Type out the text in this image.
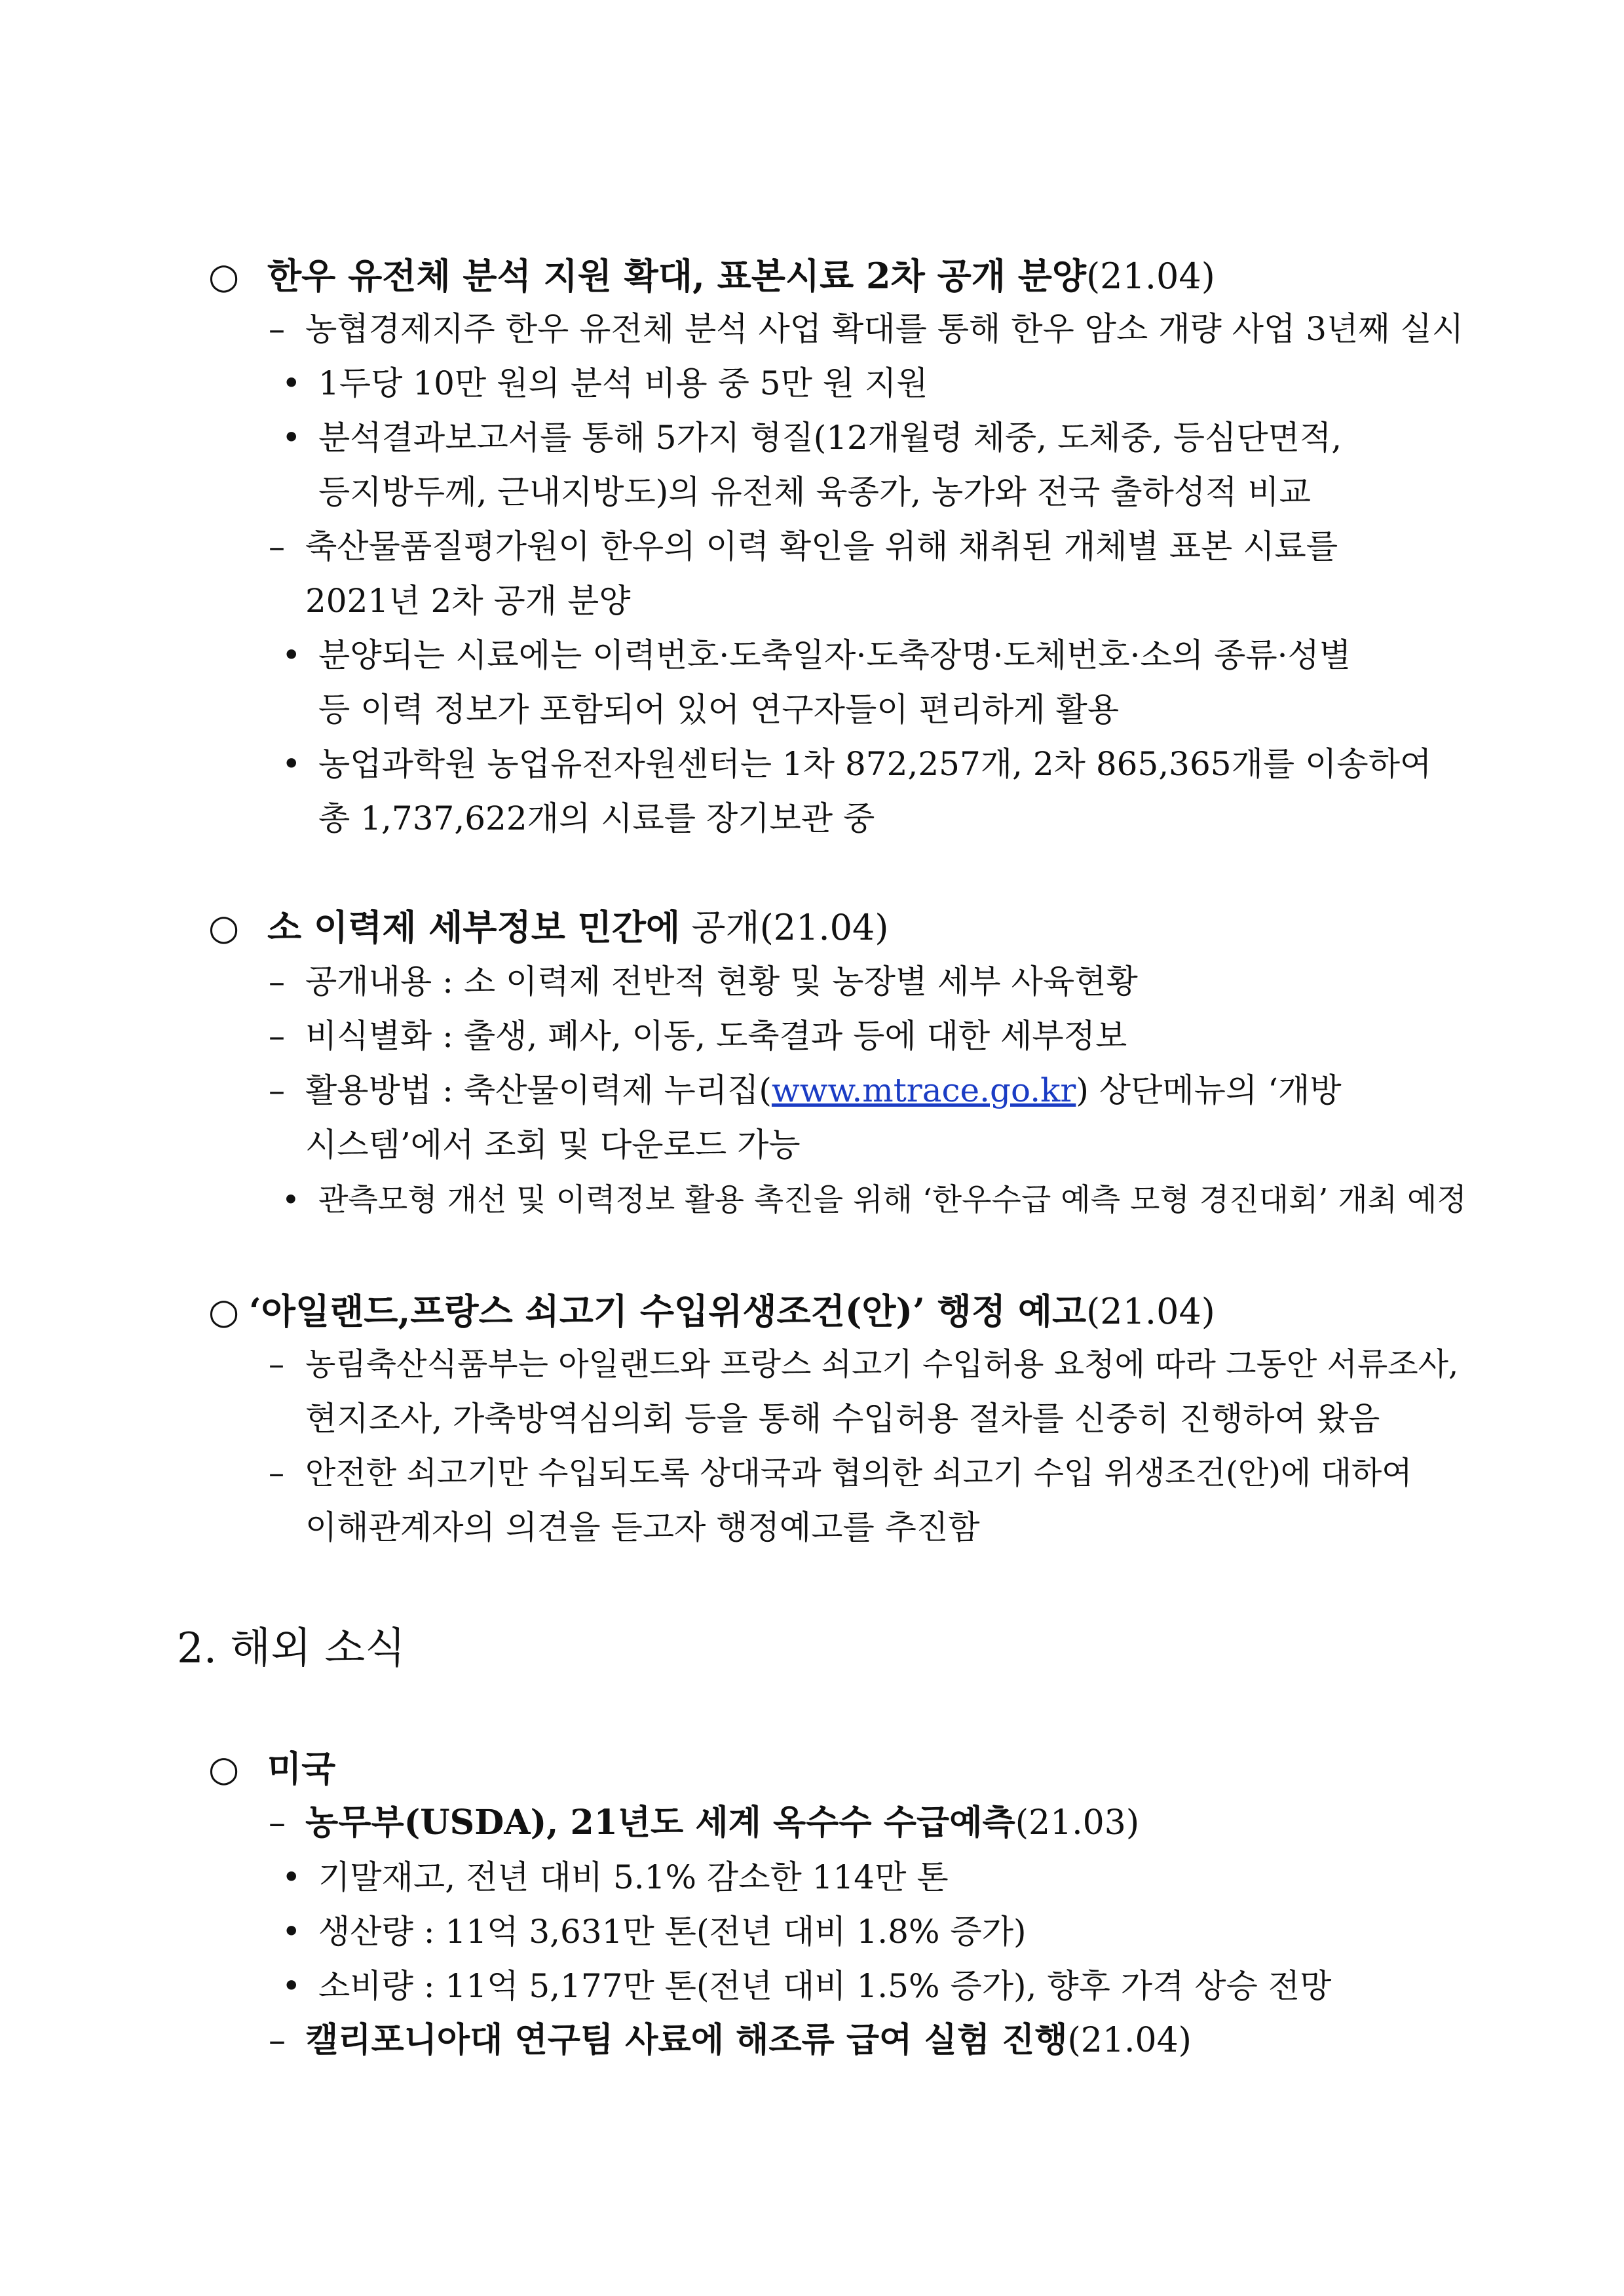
○ 한우 유전체 분석 지원 확대, 표본시료 2차 공개 분양(21.04)
– 농협경제지주 한우 유전체 분석 사업 확대를 통해 한우 암소 개량 사업 3년째 실시
• 1두당 10만 원의 분석 비용 중 5만 원 지원
• 분석결과보고서를 통해 5가지 형질(12개월령 체중, 도체중, 등심단면적,
등지방두께, 근내지방도)의 유전체 육종가, 농가와 전국 출하성적 비교
– 축산물품질평가원이 한우의 이력 확인을 위해 채취된 개체별 표본 시료를
2021년 2차 공개 분양
• 분양되는 시료에는 이력번호·도축일자·도축장명·도체번호·소의 종류·성별
등 이력 정보가 포함되어 있어 연구자들이 편리하게 활용
• 농업과학원 농업유전자원센터는 1차 872,257개, 2차 865,365개를 이송하여
총 1,737,622개의 시료를 장기보관 중
○ 소 이력제 세부정보 민간에 공개(21.04)
– 공개내용 : 소 이력제 전반적 현황 및 농장별 세부 사육현황
– 비식별화 : 출생, 폐사, 이동, 도축결과 등에 대한 세부정보
– 활용방법 : 축산물이력제 누리집(www.mtrace.go.kr) 상단메뉴의 ‘개방
시스템’에서 조회 및 다운로드 가능
• 관측모형 개선 및 이력정보 활용 촉진을 위해 ‘한우수급 예측 모형 경진대회’ 개최 예정
○ ‘아일랜드,프랑스 쇠고기 수입위생조건(안)’ 행정 예고(21.04)
– 농림축산식품부는 아일랜드와 프랑스 쇠고기 수입허용 요청에 따라 그동안 서류조사,
현지조사, 가축방역심의회 등을 통해 수입허용 절차를 신중히 진행하여 왔음
– 안전한 쇠고기만 수입되도록 상대국과 협의한 쇠고기 수입 위생조건(안)에 대하여
이해관계자의 의견을 듣고자 행정예고를 추진함
2. 해외 소식
○ 미국
– 농무부(USDA), 21년도 세계 옥수수 수급예측(21.03)
• 기말재고, 전년 대비 5.1% 감소한 114만 톤
• 생산량 : 11억 3,631만 톤(전년 대비 1.8% 증가)
• 소비량 : 11억 5,177만 톤(전년 대비 1.5% 증가), 향후 가격 상승 전망
– 캘리포니아대 연구팀 사료에 해조류 급여 실험 진행(21.04)
